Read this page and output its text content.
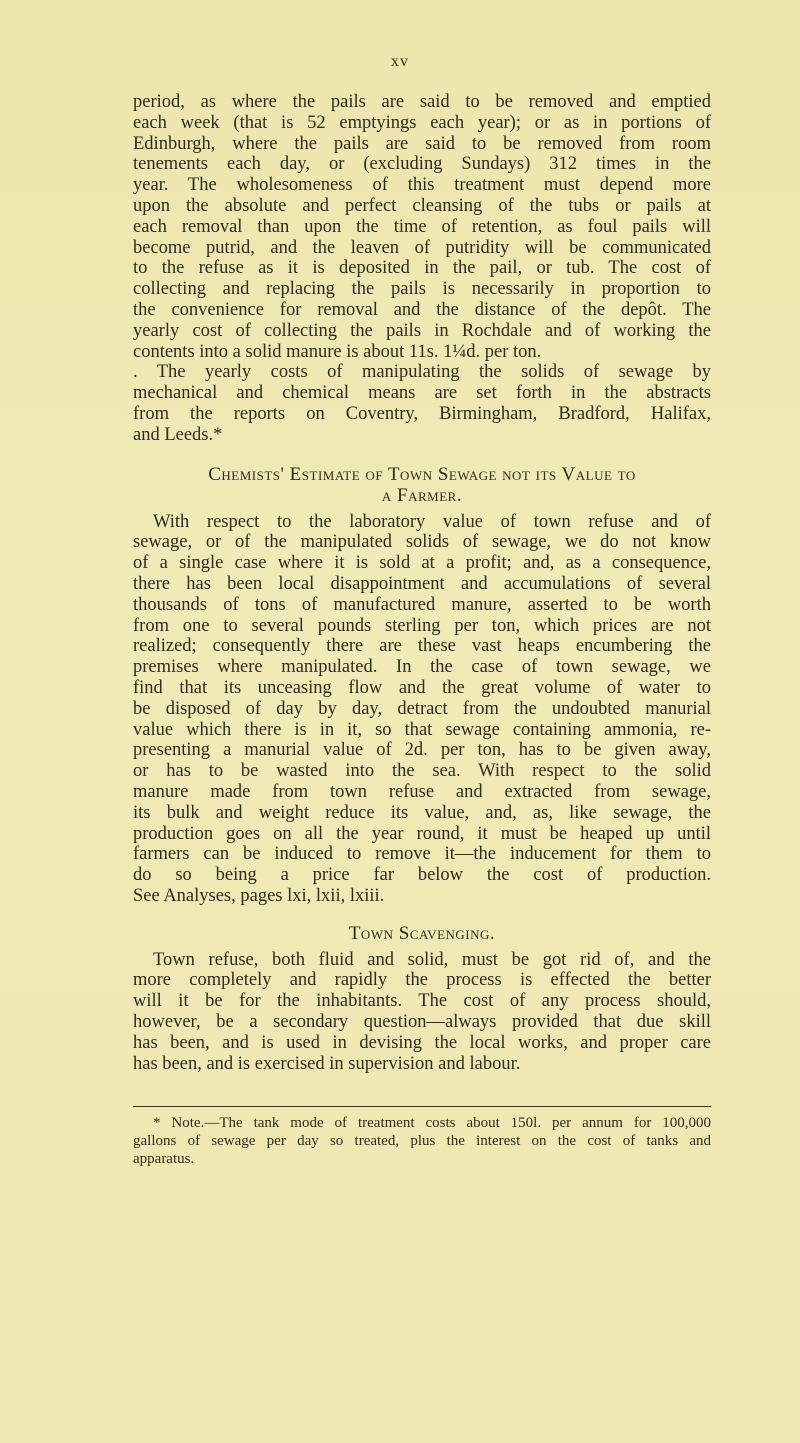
xv
period, as where the pails are said to be removed and emptied
each week (that is 52 emptyings each year); or as in portions of
Edinburgh, where the pails are said to be removed from room
tenements each day, or (excluding Sundays) 312 times in the
year. The wholesomeness of this treatment must depend more
upon the absolute and perfect cleansing of the tubs or pails at
each removal than upon the time of retention, as foul pails will
become putrid, and the leaven of putridity will be communicated
to the refuse as it is deposited in the pail, or tub. The cost of
collecting and replacing the pails is necessarily in proportion to
the convenience for removal and the distance of the depôt. The
yearly cost of collecting the pails in Rochdale and of working the
contents into a solid manure is about 11s. 1¼d. per ton.
. The yearly costs of manipulating the solids of sewage by
mechanical and chemical means are set forth in the abstracts
from the reports on Coventry, Birmingham, Bradford, Halifax,
and Leeds.*
Chemists' Estimate of Town Sewage not its Value to
a Farmer.
With respect to the laboratory value of town refuse and of
sewage, or of the manipulated solids of sewage, we do not know
of a single case where it is sold at a profit; and, as a consequence,
there has been local disappointment and accumulations of several
thousands of tons of manufactured manure, asserted to be worth
from one to several pounds sterling per ton, which prices are not
realized; consequently there are these vast heaps encumbering the
premises where manipulated. In the case of town sewage, we
find that its unceasing flow and the great volume of water to
be disposed of day by day, detract from the undoubted manurial
value which there is in it, so that sewage containing ammonia, re-
presenting a manurial value of 2d. per ton, has to be given away,
or has to be wasted into the sea. With respect to the solid
manure made from town refuse and extracted from sewage,
its bulk and weight reduce its value, and, as, like sewage, the
production goes on all the year round, it must be heaped up until
farmers can be induced to remove it—the inducement for them to
do so being a price far below the cost of production.
See Analyses, pages lxi, lxii, lxiii.
Town Scavenging.
Town refuse, both fluid and solid, must be got rid of, and the
more completely and rapidly the process is effected the better
will it be for the inhabitants. The cost of any process should,
however, be a secondary question—always provided that due skill
has been, and is used in devising the local works, and proper care
has been, and is exercised in supervision and labour.
* Note.—The tank mode of treatment costs about 150l. per annum for 100,000
gallons of sewage per day so treated, plus the interest on the cost of tanks and
apparatus.
